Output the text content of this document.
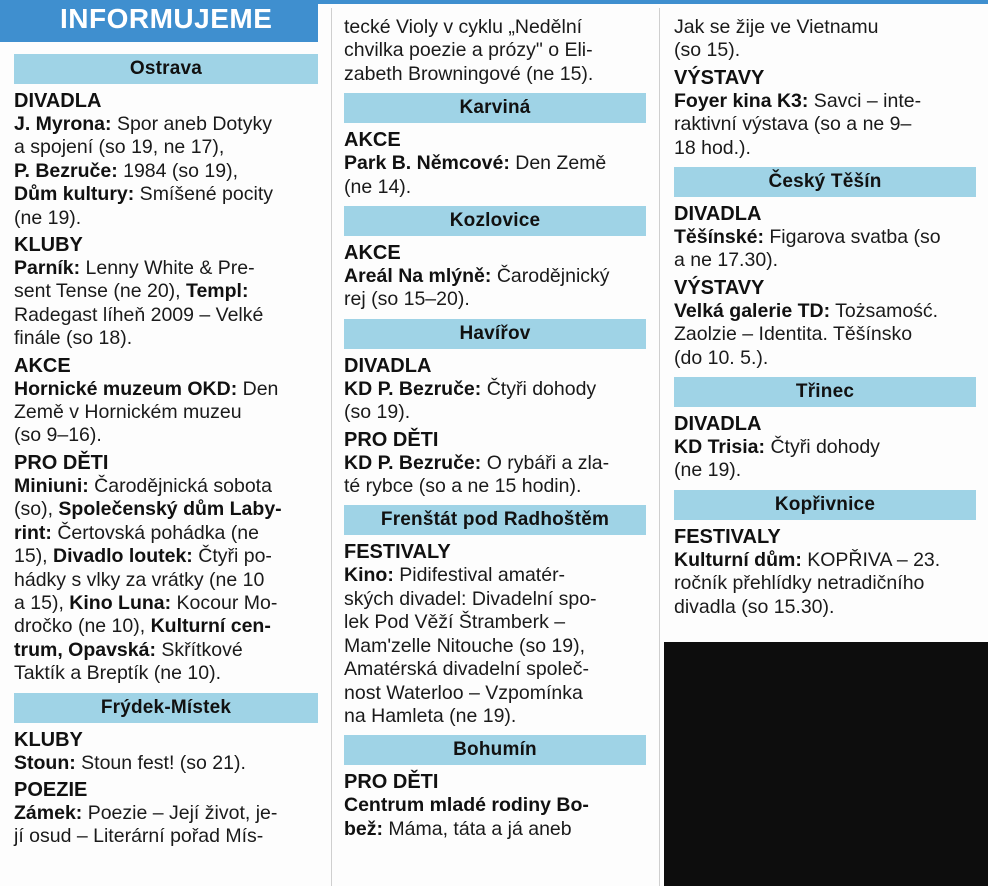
INFORMUJEME
Ostrava
DIVADLA
J. Myrona: Spor aneb Dotyky
a spojení (so 19, ne 17),
P. Bezruče: 1984 (so 19),
Dům kultury: Smíšené pocity
(ne 19).
KLUBY
Parník: Lenny White & Pre-
sent Tense (ne 20), Templ:
Radegast líheň 2009 – Velké
finále (so 18).
AKCE
Hornické muzeum OKD: Den
Země v Hornickém muzeu
(so 9–16).
PRO DĚTI
Miniuni: Čarodějnická sobota
(so), Společenský dům Laby-
rint: Čertovská pohádka (ne
15), Divadlo loutek: Čtyři po-
hádky s vlky za vrátky (ne 10
a 15), Kino Luna: Kocour Mo-
dročko (ne 10), Kulturní cen-
trum, Opavská: Skřítkové
Taktík a Breptík (ne 10).
Frýdek-Místek
KLUBY
Stoun: Stoun fest! (so 21).
POEZIE
Zámek: Poezie – Její život, je-
jí osud – Literární pořad Mís-
tecké Violy v cyklu „Nedělní
chvilka poezie a prózy" o Eli-
zabeth Browningové (ne 15).
Karviná
AKCE
Park B. Němcové: Den Země
(ne 14).
Kozlovice
AKCE
Areál Na mlýně: Čarodějnický
rej (so 15–20).
Havířov
DIVADLA
KD P. Bezruče: Čtyři dohody
(so 19).
PRO DĚTI
KD P. Bezruče: O rybáři a zla-
té rybce (so a ne 15 hodin).
Frenštát pod Radhoštěm
FESTIVALY
Kino: Pidifestival amatér-
ských divadel: Divadelní spo-
lek Pod Věží Štramberk –
Mam'zelle Nitouche (so 19),
Amatérská divadelní společ-
nost Waterloo – Vzpomínka
na Hamleta (ne 19).
Bohumín
PRO DĚTI
Centrum mladé rodiny Bo-
bež: Máma, táta a já aneb
Jak se žije ve Vietnamu
(so 15).
VÝSTAVY
Foyer kina K3: Savci – inte-
raktivní výstava (so a ne 9–
18 hod.).
Český Těšín
DIVADLA
Těšínské: Figarova svatba (so
a ne 17.30).
VÝSTAVY
Velká galerie TD: Tożsamość.
Zaolzie – Identita. Těšínsko
(do 10. 5.).
Třinec
DIVADLA
KD Trisia: Čtyři dohody
(ne 19).
Kopřivnice
FESTIVALY
Kulturní dům: KOPŘIVA – 23.
ročník přehlídky netradičního
divadla (so 15.30).
